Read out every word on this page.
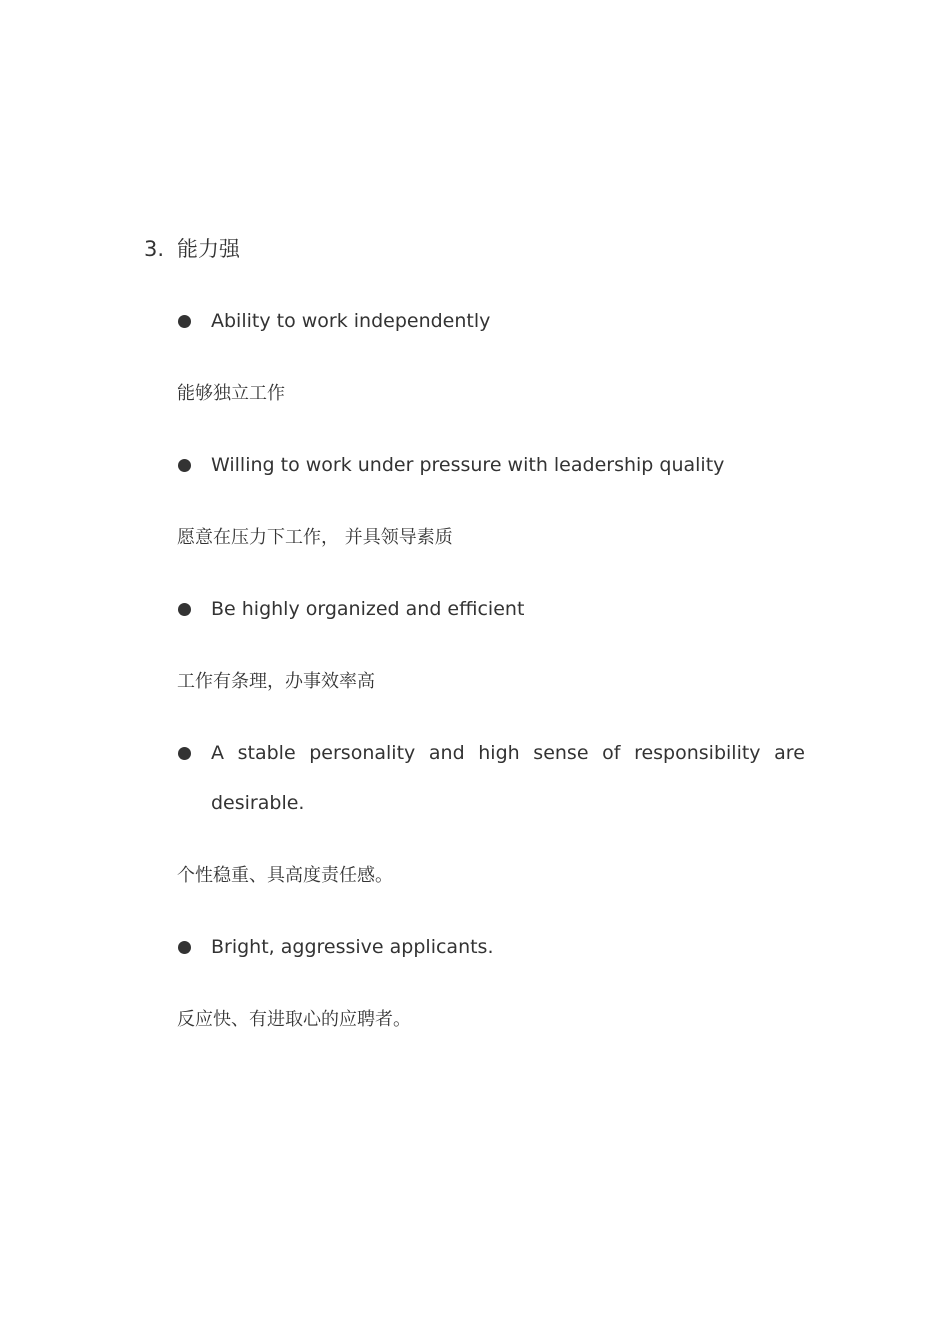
3. 能力强
Ability to work independently
能够独立工作
Willing to work under pressure with leadership quality
愿意在压力下工作， 并具领导素质
Be highly organized and efficient
工作有条理，办事效率高
A stable personality and high sense of responsibility are
desirable.
个性稳重、具高度责任感。
Bright, aggressive applicants.
反应快、有进取心的应聘者。
